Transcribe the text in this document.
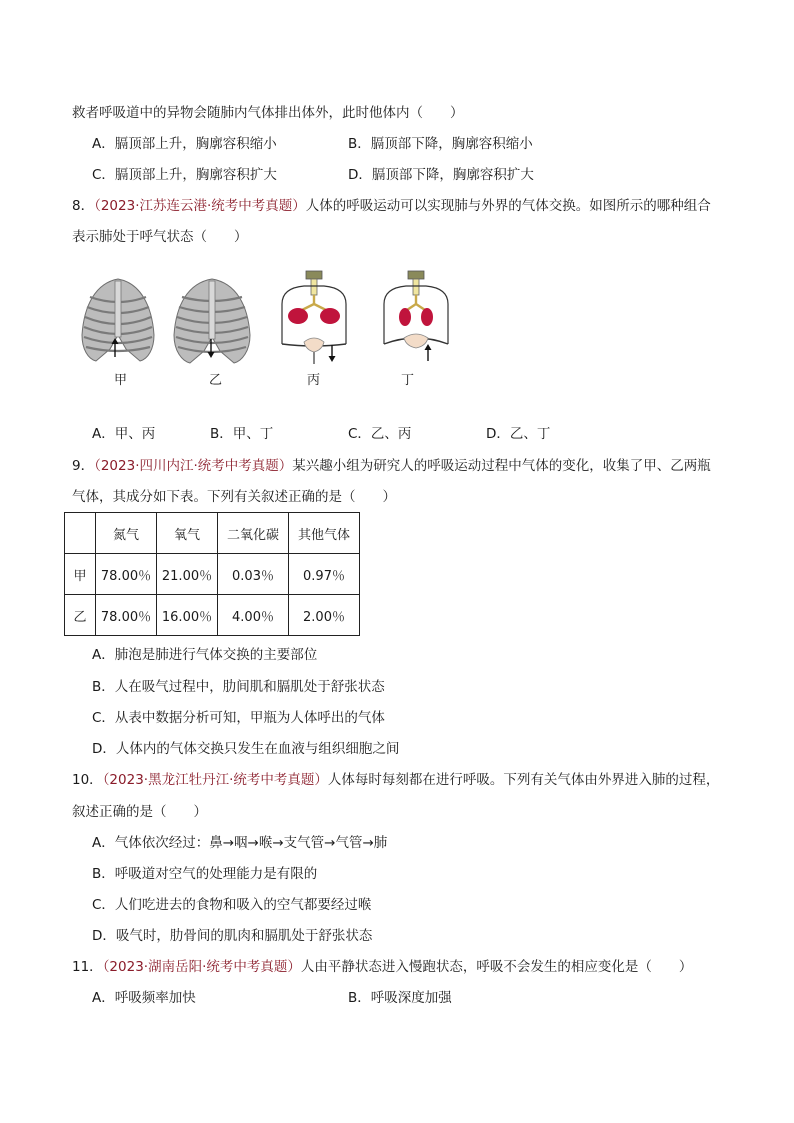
救者呼吸道中的异物会随肺内气体排出体外，此时他体内（　　）
A．膈顶部上升，胸廓容积缩小	B．膈顶部下降，胸廓容积缩小
C．膈顶部上升，胸廓容积扩大	D．膈顶部下降，胸廓容积扩大
8．（2023·江苏连云港·统考中考真题）人体的呼吸运动可以实现肺与外界的气体交换。如图所示的哪种组合
表示肺处于呼气状态（　　）
甲	乙	丙	丁
A．甲、丙	B．甲、丁	C．乙、丙	D．乙、丁
9．（2023·四川内江·统考中考真题）某兴趣小组为研究人的呼吸运动过程中气体的变化，收集了甲、乙两瓶
气体，其成分如下表。下列有关叙述正确的是（　　）
	氮气	氧气	二氧化碳	其他气体
甲	78.00％	21.00％	0.03％	0.97％
乙	78.00％	16.00％	4.00％	2.00％
A．肺泡是肺进行气体交换的主要部位
B．人在吸气过程中，肋间肌和膈肌处于舒张状态
C．从表中数据分析可知，甲瓶为人体呼出的气体
D．人体内的气体交换只发生在血液与组织细胞之间
10．（2023·黑龙江牡丹江·统考中考真题）人体每时每刻都在进行呼吸。下列有关气体由外界进入肺的过程，
叙述正确的是（　　）
A．气体依次经过：鼻→咽→喉→支气管→气管→肺
B．呼吸道对空气的处理能力是有限的
C．人们吃进去的食物和吸入的空气都要经过喉
D．吸气时，肋骨间的肌肉和膈肌处于舒张状态
11．（2023·湖南岳阳·统考中考真题）人由平静状态进入慢跑状态，呼吸不会发生的相应变化是（　　）
A．呼吸频率加快	B．呼吸深度加强
